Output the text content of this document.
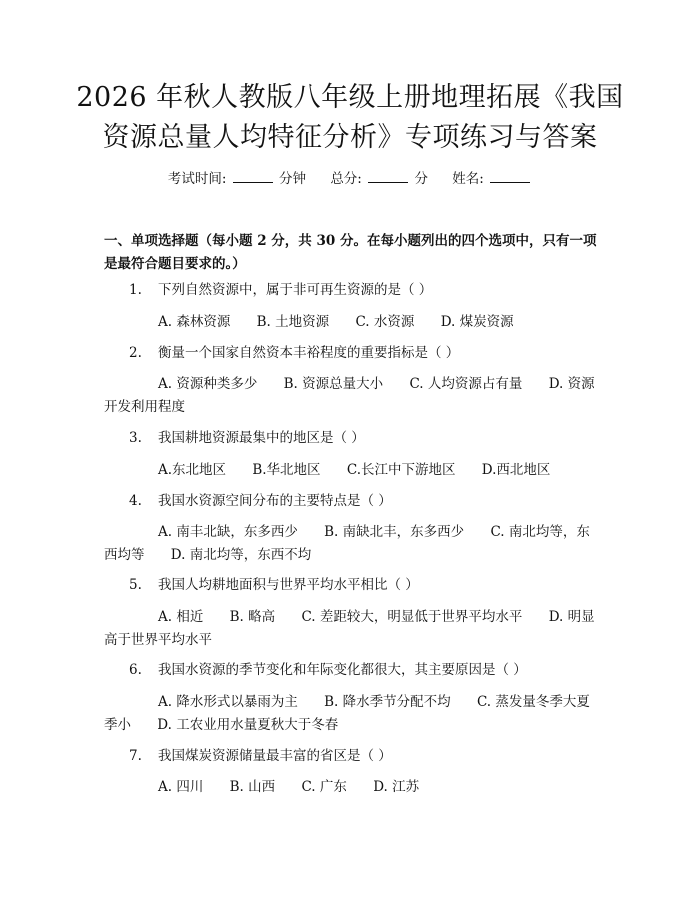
2026 年秋人教版八年级上册地理拓展《我国
资源总量人均特征分析》专项练习与答案
考试时间:	分钟 总分:	分 姓名:
一、单项选择题（每小题 2 分，共 30 分。在每小题列出的四个选项中，只有一项是最符合题目要求的。）
1. 下列自然资源中，属于非可再生资源的是（ ）
A. 森林资源 B. 土地资源 C. 水资源 D. 煤炭资源
2. 衡量一个国家自然资本丰裕程度的重要指标是（ ）
A. 资源种类多少 B. 资源总量大小 C. 人均资源占有量 D. 资源开发利用程度
3. 我国耕地资源最集中的地区是（ ）
A.东北地区 B.华北地区 C.长江中下游地区 D.西北地区
4. 我国水资源空间分布的主要特点是（ ）
A. 南丰北缺，东多西少 B. 南缺北丰，东多西少 C. 南北均等，东西均等 D. 南北均等，东西不均
5. 我国人均耕地面积与世界平均水平相比（ ）
A. 相近 B. 略高 C. 差距较大，明显低于世界平均水平 D. 明显高于世界平均水平
6. 我国水资源的季节变化和年际变化都很大，其主要原因是（ ）
A. 降水形式以暴雨为主 B. 降水季节分配不均 C. 蒸发量冬季大夏季小 D. 工农业用水量夏秋大于冬春
7. 我国煤炭资源储量最丰富的省区是（ ）
A. 四川 B. 山西 C. 广东 D. 江苏
